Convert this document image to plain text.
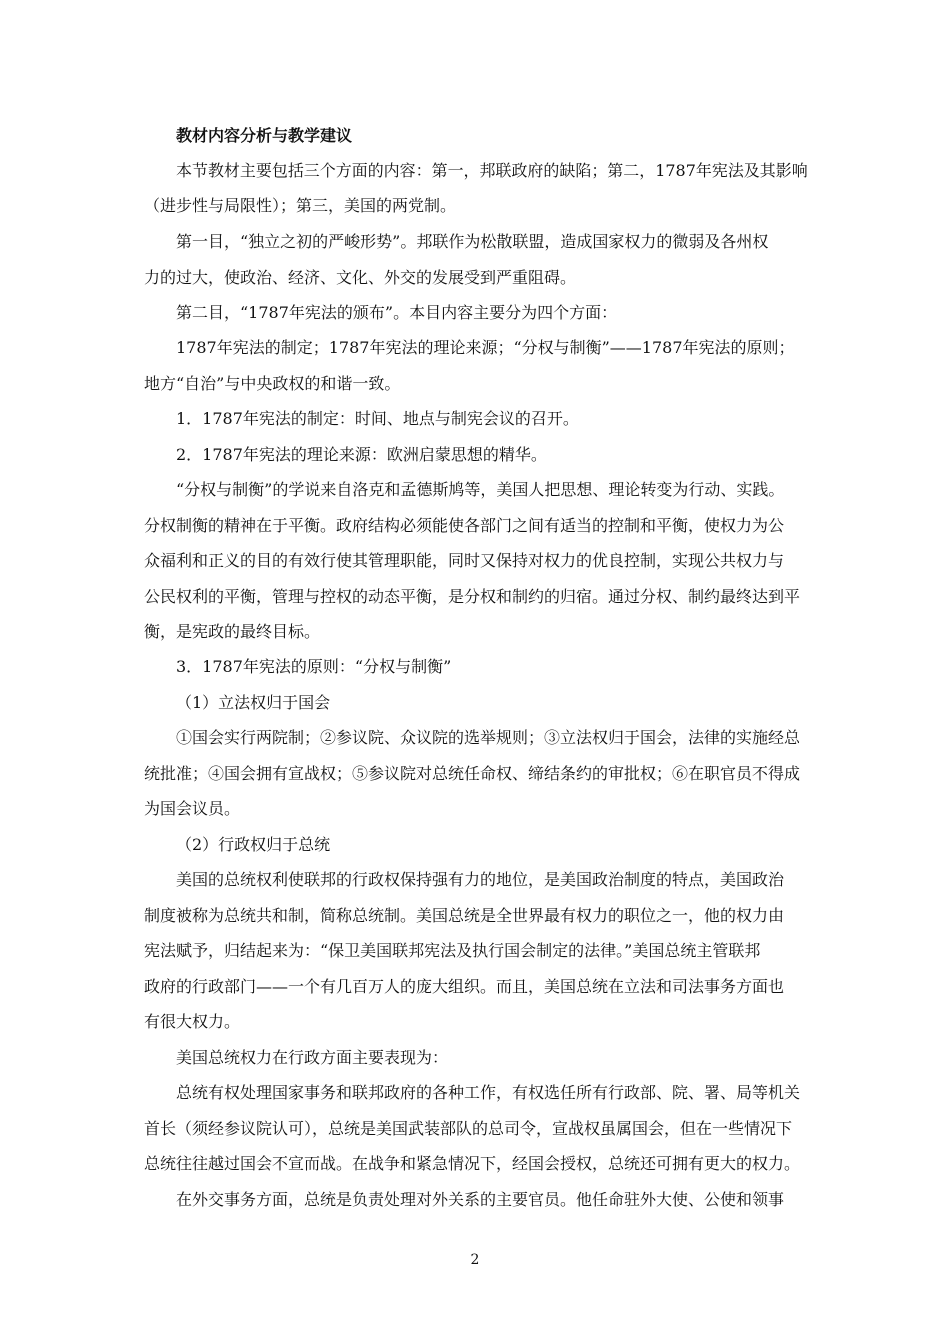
教材内容分析与教学建议
本节教材主要包括三个方面的内容：第一，邦联政府的缺陷；第二，1787年宪法及其影响
（进步性与局限性）；第三，美国的两党制。
第一目，“独立之初的严峻形势”。邦联作为松散联盟，造成国家权力的微弱及各州权
力的过大，使政治、经济、文化、外交的发展受到严重阻碍。
第二目，“1787年宪法的颁布”。本目内容主要分为四个方面：
1787年宪法的制定；1787年宪法的理论来源；“分权与制衡”——1787年宪法的原则；
地方“自治”与中央政权的和谐一致。
1．1787年宪法的制定：时间、地点与制宪会议的召开。
2．1787年宪法的理论来源：欧洲启蒙思想的精华。
“分权与制衡”的学说来自洛克和孟德斯鸠等，美国人把思想、理论转变为行动、实践。
分权制衡的精神在于平衡。政府结构必须能使各部门之间有适当的控制和平衡，使权力为公
众福利和正义的目的有效行使其管理职能，同时又保持对权力的优良控制，实现公共权力与
公民权利的平衡，管理与控权的动态平衡，是分权和制约的归宿。通过分权、制约最终达到平
衡，是宪政的最终目标。
3．1787年宪法的原则：“分权与制衡”
（1）立法权归于国会
①国会实行两院制；②参议院、众议院的选举规则；③立法权归于国会，法律的实施经总
统批准；④国会拥有宣战权；⑤参议院对总统任命权、缔结条约的审批权；⑥在职官员不得成
为国会议员。
（2）行政权归于总统
美国的总统权利使联邦的行政权保持强有力的地位，是美国政治制度的特点，美国政治
制度被称为总统共和制，简称总统制。美国总统是全世界最有权力的职位之一，他的权力由
宪法赋予，归结起来为：“保卫美国联邦宪法及执行国会制定的法律。”美国总统主管联邦
政府的行政部门——一个有几百万人的庞大组织。而且，美国总统在立法和司法事务方面也
有很大权力。
美国总统权力在行政方面主要表现为：
总统有权处理国家事务和联邦政府的各种工作，有权选任所有行政部、院、署、局等机关
首长（须经参议院认可），总统是美国武装部队的总司令，宣战权虽属国会，但在一些情况下
总统往往越过国会不宣而战。在战争和紧急情况下，经国会授权，总统还可拥有更大的权力。
在外交事务方面，总统是负责处理对外关系的主要官员。他任命驻外大使、公使和领事
2
